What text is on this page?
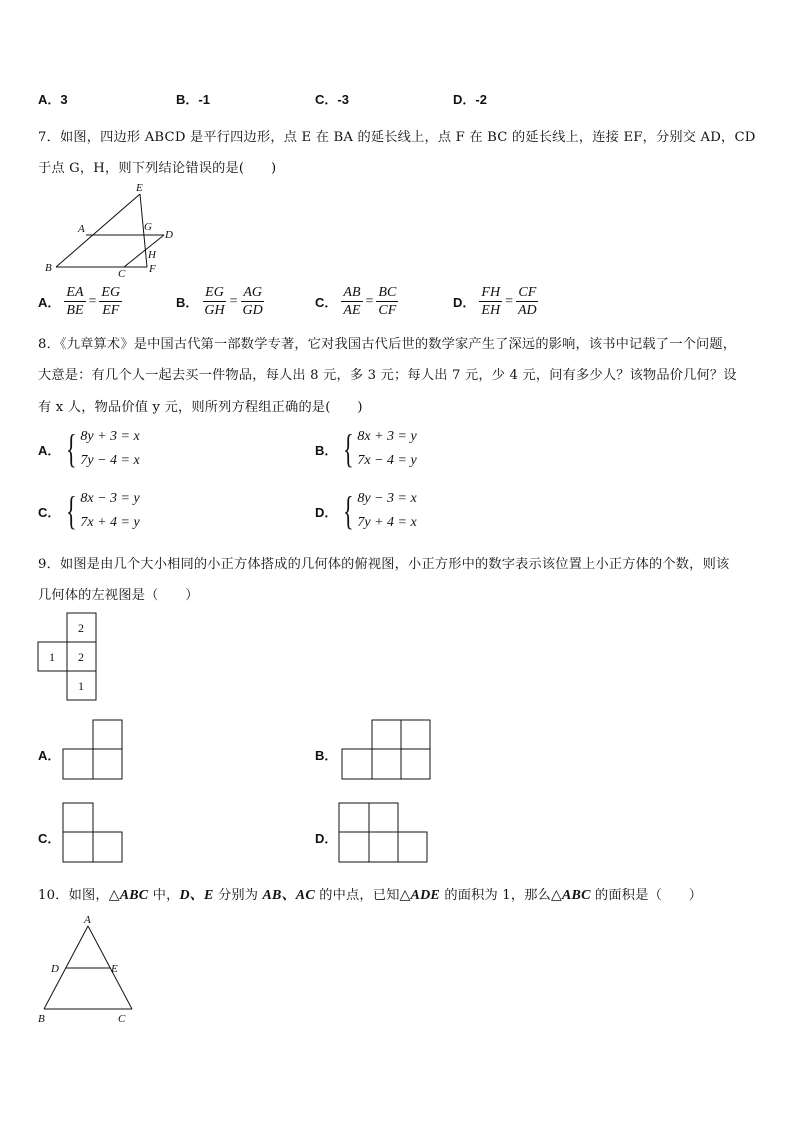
A．3	B．-1	C．-3	D．-2
7．如图，四边形 ABCD 是平行四边形，点 E 在 BA 的延长线上，点 F 在 BC 的延长线上，连接 EF，分别交 AD，CD
于点 G，H，则下列结论错误的是(　　)
E
A	G
D
H
B	C F
A． $\frac{EA}{BE} = \frac{EG}{EF}$	B． $\frac{EG}{GH} = \frac{AG}{GD}$	C． $\frac{AB}{AE} = \frac{BC}{CF}$	D． $\frac{FH}{EH} = \frac{CF}{AD}$
8．《九章算术》是中国古代第一部数学专著，它对我国古代后世的数学家产生了深远的影响，该书中记载了一个问题，
大意是：有几个人一起去买一件物品，每人出 8 元，多 3 元；每人出 7 元，少 4 元，问有多少人？该物品价几何？设
有 x 人，物品价值 y 元，则所列方程组正确的是(　　)
A． { 8y + 3 = x
7y − 4 = x
B． { 8x + 3 = y
7x − 4 = y
C． { 8x − 3 = y
7x + 4 = y
D． { 8y − 3 = x
7y + 4 = x
9．如图是由几个大小相同的小正方体搭成的几何体的俯视图，小正方形中的数字表示该位置上小正方体的个数，则该
几何体的左视图是（　　）
2
1 2
1
A．	B．
C．	D．
10．如图，△ABC 中，D、E 分别为 AB、AC 的中点，已知△ADE 的面积为 1，那么△ABC 的面积是（　　）
A
D	E
B	C
